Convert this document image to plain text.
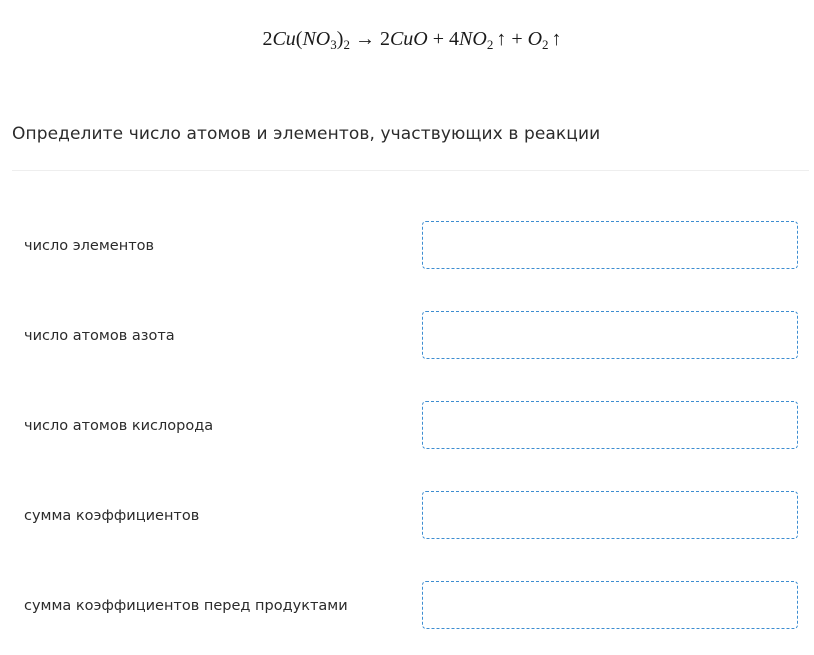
$2Cu(NO_3)_2 \to 2CuO + 4NO_2$ ↑ + $O_2$ ↑
Определите число атомов и элементов, участвующих в реакции
число элементов
число атомов азота
число атомов кислорода
сумма коэффициентов
сумма коэффициентов перед продуктами
